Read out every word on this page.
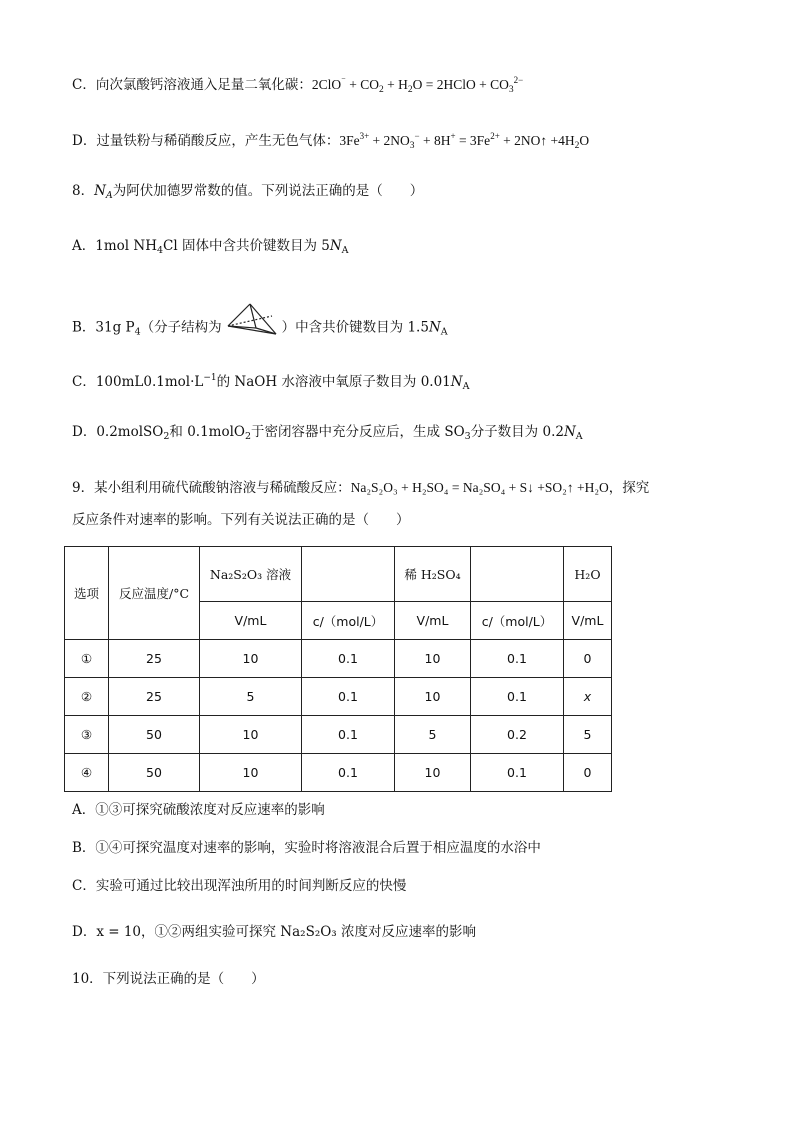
C．向次氯酸钙溶液通入足量二氧化碳：$2ClO^{^-} + CO_2 + H_2O$ = 2HClO + $CO_3^{2-}$
D．过量铁粉与稀硝酸反应，产生无色气体：$3Fe^{3+} + 2NO_3^- + 8H^+ = 3Fe^{2+}$ + 2NO↑ $+4H_2O$
8．$N_A$为阿伏加德罗常数的值。下列说法正确的是（　　）
A．1mol $NH_4Cl$ 固体中含共价键数目为 $5N_A$
B．31g $P_4$（分子结构为	）中含共价键数目为 $1.5N_A$
C．$100mL0.1mol\cdot L^{-1}$的 NaOH 水溶液中氧原子数目为 $0.01N_A$
D．0.2molSO$_2$和 0.1molO$_2$于密闭容器中充分反应后，生成 $SO_3$分子数目为 $0.2N_A$
9．某小组利用硫代硫酸钠溶液与稀硫酸反应：Na₂S₂O₃ + H₂SO₄ = Na₂SO₄ + S↓ +SO₂↑ +H₂O，探究
反应条件对速率的影响。下列有关说法正确的是（　　）
选项	反应温度/°C	Na₂S₂O₃ 溶液		稀 H₂SO₄		H₂O
		V/mL	c/（mol/L）	V/mL	c/（mol/L）	V/mL
①	25	10	0.1	10	0.1	0
②	25	5	0.1	10	0.1	x
③	50	10	0.1	5	0.2	5
④	50	10	0.1	10	0.1	0
A．①③可探究硫酸浓度对反应速率的影响
B．①④可探究温度对速率的影响，实验时将溶液混合后置于相应温度的水浴中
C．实验可通过比较出现浑浊所用的时间判断反应的快慢
D．x = 10，①②两组实验可探究 Na₂S₂O₃ 浓度对反应速率的影响
10．下列说法正确的是（　　）
